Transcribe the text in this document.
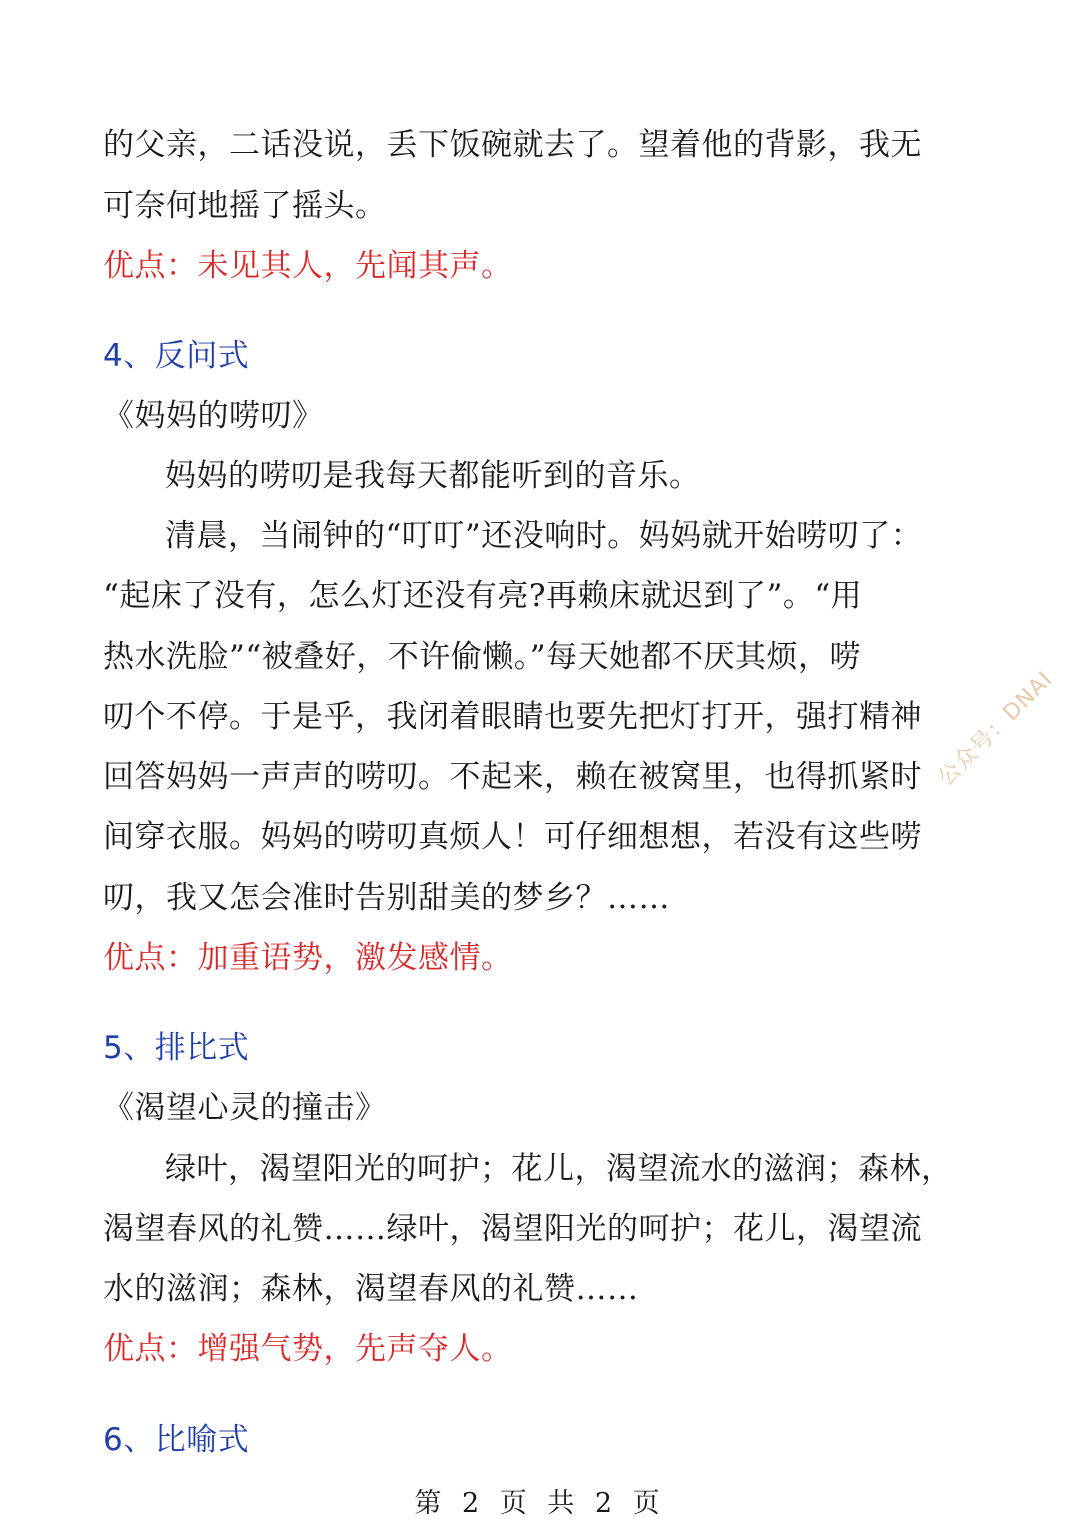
的父亲，二话没说，丢下饭碗就去了。望着他的背影，我无
可奈何地摇了摇头。
优点：未见其人，先闻其声。
4、反问式
《妈妈的唠叨》
妈妈的唠叨是我每天都能听到的音乐。
清晨，当闹钟的“叮叮”还没响时。妈妈就开始唠叨了：
“起床了没有，怎么灯还没有亮?再赖床就迟到了”。“用
热水洗脸”“被叠好，不许偷懒。”每天她都不厌其烦，唠
叨个不停。于是乎，我闭着眼睛也要先把灯打开，强打精神
回答妈妈一声声的唠叨。不起来，赖在被窝里，也得抓紧时
间穿衣服。妈妈的唠叨真烦人！可仔细想想，若没有这些唠
叨，我又怎会准时告别甜美的梦乡？……
优点：加重语势，激发感情。
5、排比式
《渴望心灵的撞击》
绿叶，渴望阳光的呵护；花儿，渴望流水的滋润；森林，
渴望春风的礼赞……绿叶，渴望阳光的呵护；花儿，渴望流
水的滋润；森林，渴望春风的礼赞……
优点：增强气势，先声夺人。
6、比喻式
公众号：DNAI
第 2 页 共 2 页
